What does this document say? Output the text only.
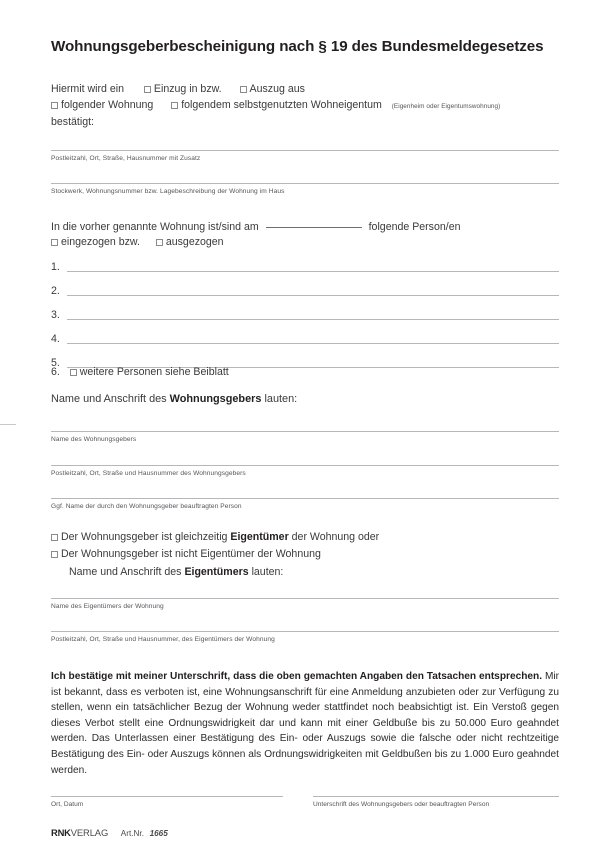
Wohnungsgeberbescheinigung nach § 19 des Bundesmeldegesetzes
Hiermit wird ein	Einzug in bzw.	Auszug aus
folgender Wohnung	folgendem selbstgenutzten Wohneigentum (Eigenheim oder Eigentumswohnung)
bestätigt:
Postleitzahl, Ort, Straße, Hausnummer mit Zusatz
Stockwerk, Wohnungsnummer bzw. Lagebeschreibung der Wohnung im Haus
In die vorher genannte Wohnung ist/sind am	folgende Person/en
eingezogen bzw. ausgezogen
1.
2.
3.
4.
5.
6. weitere Personen siehe Beiblatt
Name und Anschrift des Wohnungsgebers lauten:
Name des Wohnungsgebers
Postleitzahl, Ort, Straße und Hausnummer des Wohnungsgebers
Ggf. Name der durch den Wohnungsgeber beauftragten Person
Der Wohnungsgeber ist gleichzeitig Eigentümer der Wohnung oder
Der Wohnungsgeber ist nicht Eigentümer der Wohnung
Name und Anschrift des Eigentümers lauten:
Name des Eigentümers der Wohnung
Postleitzahl, Ort, Straße und Hausnummer, des Eigentümers der Wohnung
Ich bestätige mit meiner Unterschrift, dass die oben gemachten Angaben den Tatsachen entsprechen. Mir ist bekannt, dass es verboten ist, eine Wohnungsanschrift für eine Anmeldung anzubieten oder zur Verfügung zu stellen, wenn ein tatsächlicher Bezug der Wohnung weder stattfindet noch beabsichtigt ist. Ein Verstoß gegen dieses Verbot stellt eine Ordnungswidrigkeit dar und kann mit einer Geldbuße bis zu 50.000 Euro geahndet werden. Das Unterlassen einer Bestätigung des Ein- oder Auszugs sowie die falsche oder nicht rechtzeitige Bestätigung des Ein- oder Auszugs können als Ordnungswidrigkeiten mit Geldbußen bis zu 1.000 Euro geahndet werden.
Ort, Datum	Unterschrift des Wohnungsgebers oder beauftragten Person
RNKVERLAG Art.Nr. 1665
